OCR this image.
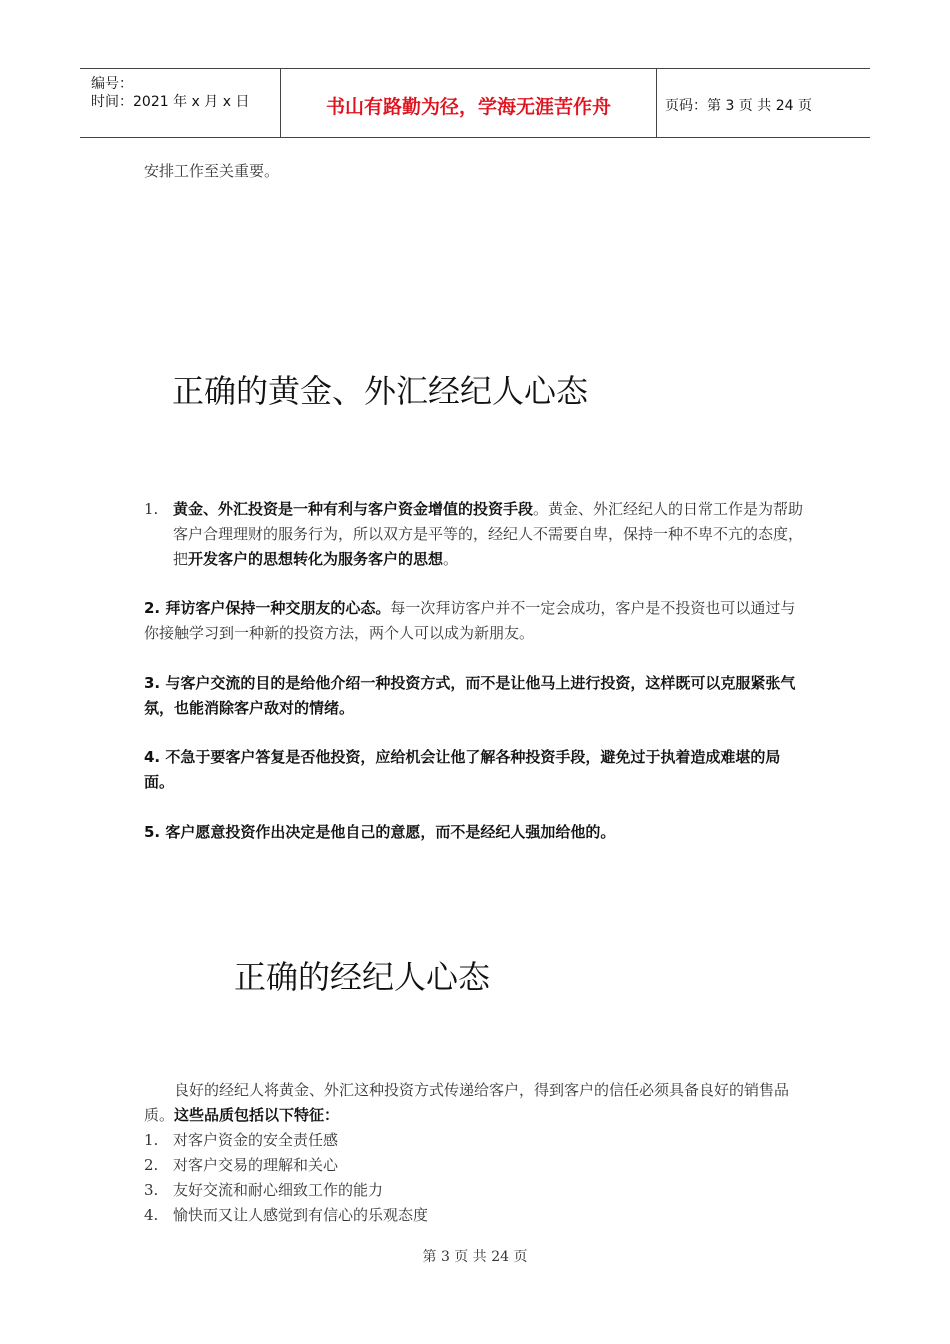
编号：
时间：2021 年 x 月 x 日	书山有路勤为径，学海无涯苦作舟	页码：第 3 页 共 24 页
安排工作至关重要。
正确的黄金、外汇经纪人心态
1. 黄金、外汇投资是一种有利与客户资金增值的投资手段。黄金、外汇经纪人的日常工作是为帮助客户合理理财的服务行为，所以双方是平等的，经纪人不需要自卑，保持一种不卑不亢的态度，把开发客户的思想转化为服务客户的思想。
2. 拜访客户保持一种交朋友的心态。每一次拜访客户并不一定会成功，客户是不投资也可以通过与你接触学习到一种新的投资方法，两个人可以成为新朋友。
3. 与客户交流的目的是给他介绍一种投资方式，而不是让他马上进行投资，这样既可以克服紧张气氛，也能消除客户敌对的情绪。
4. 不急于要客户答复是否他投资，应给机会让他了解各种投资手段，避免过于执着造成难堪的局面。
5. 客户愿意投资作出决定是他自己的意愿，而不是经纪人强加给他的。
正确的经纪人心态
良好的经纪人将黄金、外汇这种投资方式传递给客户，得到客户的信任必须具备良好的销售品质。这些品质包括以下特征：
1. 对客户资金的安全责任感
2. 对客户交易的理解和关心
3. 友好交流和耐心细致工作的能力
4. 愉快而又让人感觉到有信心的乐观态度
第 3 页 共 24 页
